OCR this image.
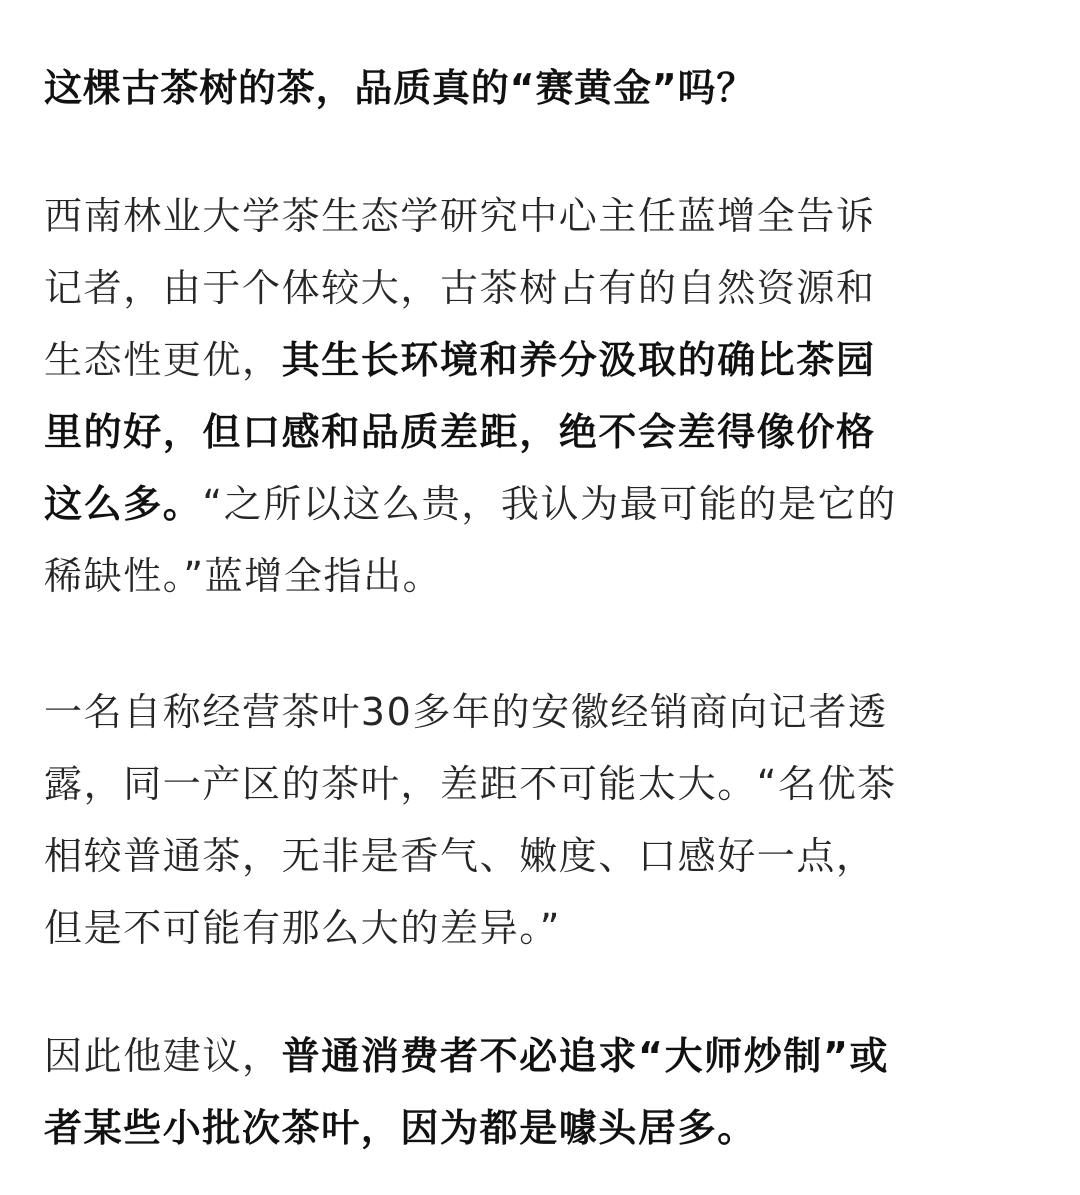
这棵古茶树的茶，品质真的“赛黄金”吗？
西南林业大学茶生态学研究中心主任蓝增全告诉
记者，由于个体较大，古茶树占有的自然资源和
生态性更优，其生长环境和养分汲取的确比茶园
里的好，但口感和品质差距，绝不会差得像价格
这么多。“之所以这么贵，我认为最可能的是它的
稀缺性。”蓝增全指出。
一名自称经营茶叶30多年的安徽经销商向记者透
露，同一产区的茶叶，差距不可能太大。“名优茶
相较普通茶，无非是香气、嫩度、口感好一点，
但是不可能有那么大的差异。”
因此他建议，普通消费者不必追求“大师炒制”或
者某些小批次茶叶，因为都是噱头居多。
